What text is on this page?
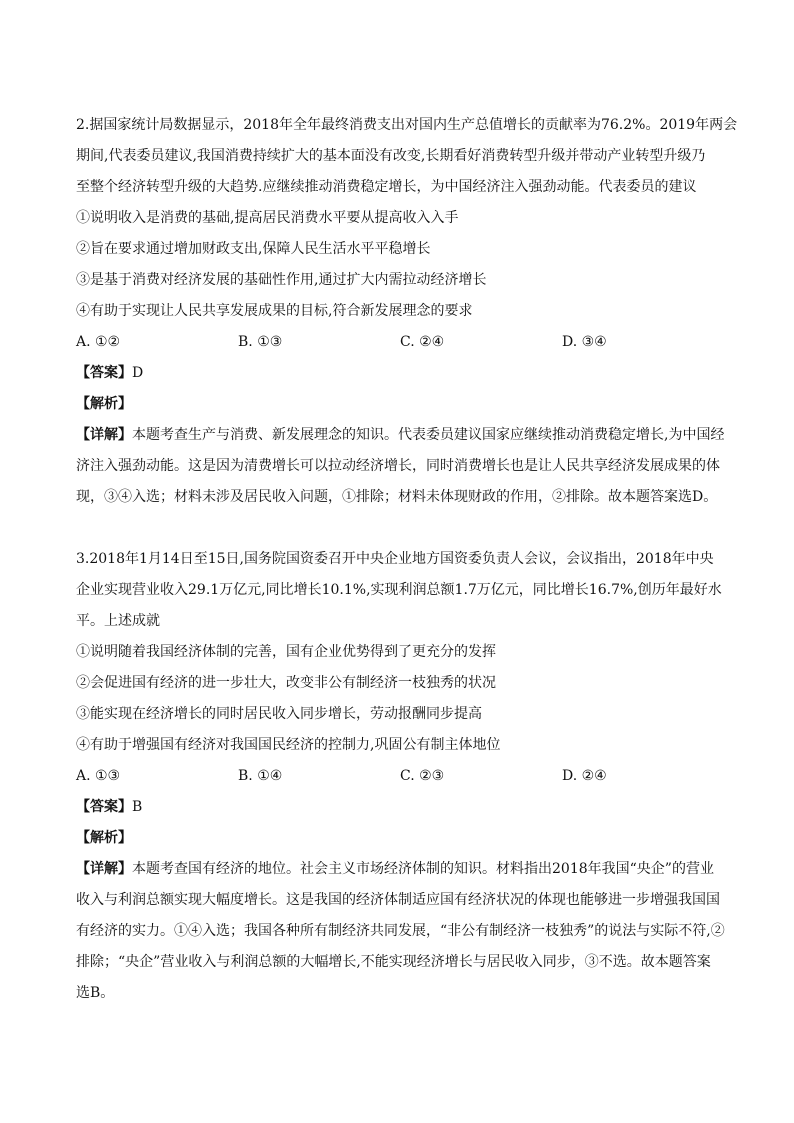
2.据国家统计局数据显示，2018年全年最终消费支出对国内生产总值增长的贡献率为76.2%。2019年两会
期间,代表委员建议,我国消费持续扩大的基本面没有改变,长期看好消费转型升级并带动产业转型升级乃
至整个经济转型升级的大趋势.应继续推动消费稳定增长，为中国经济注入强劲动能。代表委员的建议
①说明收入是消费的基础,提高居民消费水平要从提高收入入手
②旨在要求通过增加财政支出,保障人民生活水平平稳增长
③是基于消费对经济发展的基础性作用,通过扩大内需拉动经济增长
④有助于实现让人民共享发展成果的目标,符合新发展理念的要求
A. ①②	B. ①③	C. ②④	D. ③④
【答案】D
【解析】
【详解】本题考查生产与消费、新发展理念的知识。代表委员建议国家应继续推动消费稳定增长,为中国经
济注入强劲动能。这是因为清费增长可以拉动经济增长，同时消费增长也是让人民共享经济发展成果的体
现，③④入选；材料未涉及居民收入问题，①排除；材料未体现财政的作用，②排除。故本题答案选D。
3.2018年1月14日至15日,国务院国资委召开中央企业地方国资委负责人会议，会议指出，2018年中央
企业实现营业收入29.1万亿元,同比增长10.1%,实现利润总额1.7万亿元，同比增长16.7%,创历年最好水
平。上述成就
①说明随着我国经济体制的完善，国有企业优势得到了更充分的发挥
②会促进国有经济的进一步壮大，改变非公有制经济一枝独秀的状况
③能实现在经济增长的同时居民收入同步增长，劳动报酬同步提高
④有助于增强国有经济对我国国民经济的控制力,巩固公有制主体地位
A. ①③	B. ①④	C. ②③	D. ②④
【答案】B
【解析】
【详解】本题考查国有经济的地位。社会主义市场经济体制的知识。材料指出2018年我国“央企”的营业
收入与利润总额实现大幅度增长。这是我国的经济体制适应国有经济状况的体现也能够进一步增强我国国
有经济的实力。①④入选；我国各种所有制经济共同发展，“非公有制经济一枝独秀”的说法与实际不符,②
排除；“央企”营业收入与利润总额的大幅增长,不能实现经济增长与居民收入同步，③不选。故本题答案
选B。
